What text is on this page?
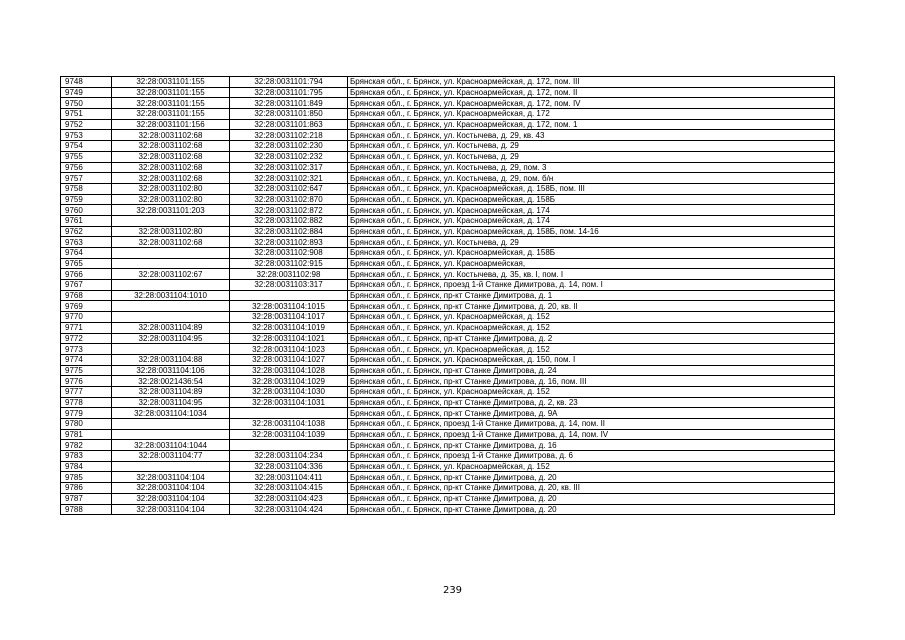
9748	32:28:0031101:155	32:28:0031101:794	Брянская обл., г. Брянск, ул. Красноармейская, д. 172, пом. III
9749	32:28:0031101:155	32:28:0031101:795	Брянская обл., г. Брянск, ул. Красноармейская, д. 172, пом. II
9750	32:28:0031101:155	32:28:0031101:849	Брянская обл., г. Брянск, ул. Красноармейская, д. 172, пом. IV
9751	32:28:0031101:155	32:28:0031101:850	Брянская обл., г. Брянск, ул. Красноармейская, д. 172
9752	32:28:0031101:156	32:28:0031101:863	Брянская обл., г. Брянск, ул. Красноармейская, д. 172, пом. 1
9753	32:28:0031102:68	32:28:0031102:218	Брянская обл., г. Брянск, ул. Костычева, д. 29, кв. 43
9754	32:28:0031102:68	32:28:0031102:230	Брянская обл., г. Брянск, ул. Костычева, д. 29
9755	32:28:0031102:68	32:28:0031102:232	Брянская обл., г. Брянск, ул. Костычева, д. 29
9756	32:28:0031102:68	32:28:0031102:317	Брянская обл., г. Брянск, ул. Костычева, д. 29, пом. 3
9757	32:28:0031102:68	32:28:0031102:321	Брянская обл., г. Брянск, ул. Костычева, д. 29, пом. б/н
9758	32:28:0031102:80	32:28:0031102:647	Брянская обл., г. Брянск, ул. Красноармейская, д. 158Б, пом. III
9759	32:28:0031102:80	32:28:0031102:870	Брянская обл., г. Брянск, ул. Красноармейская, д. 158Б
9760	32:28:0031101:203	32:28:0031102:872	Брянская обл., г. Брянск, ул. Красноармейская, д. 174
9761		32:28:0031102:882	Брянская обл., г. Брянск, ул. Красноармейская, д. 174
9762	32:28:0031102:80	32:28:0031102:884	Брянская обл., г. Брянск, ул. Красноармейская, д. 158Б, пом. 14-16
9763	32:28:0031102:68	32:28:0031102:893	Брянская обл., г. Брянск, ул. Костычева, д. 29
9764		32:28:0031102:908	Брянская обл., г. Брянск, ул. Красноармейская, д. 158Б
9765		32:28:0031102:915	Брянская обл., г. Брянск, ул. Красноармейская,
9766	32:28:0031102:67	32:28:0031102:98	Брянская обл., г. Брянск, ул. Костычева, д. 35, кв. I, пом. I
9767		32:28:0031103:317	Брянская обл., г. Брянск, проезд 1-й Станке Димитрова, д. 14, пом. I
9768	32:28:0031104:1010		Брянская обл., г. Брянск, пр-кт Станке Димитрова, д. 1
9769		32:28:0031104:1015	Брянская обл., г. Брянск, пр-кт Станке Димитрова, д. 20, кв. II
9770		32:28:0031104:1017	Брянская обл., г. Брянск, ул. Красноармейская, д. 152
9771	32:28:0031104:89	32:28:0031104:1019	Брянская обл., г. Брянск, ул. Красноармейская, д. 152
9772	32:28:0031104:95	32:28:0031104:1021	Брянская обл., г. Брянск, пр-кт Станке Димитрова, д. 2
9773		32:28:0031104:1023	Брянская обл., г. Брянск, ул. Красноармейская, д. 152
9774	32:28:0031104:88	32:28:0031104:1027	Брянская обл., г. Брянск, ул. Красноармейская, д. 150, пом. I
9775	32:28:0031104:106	32:28:0031104:1028	Брянская обл., г. Брянск, пр-кт Станке Димитрова, д. 24
9776	32:28:0021436:54	32:28:0031104:1029	Брянская обл., г. Брянск, пр-кт Станке Димитрова, д. 16, пом. III
9777	32:28:0031104:89	32:28:0031104:1030	Брянская обл., г. Брянск, ул. Красноармейская, д. 152
9778	32:28:0031104:95	32:28:0031104:1031	Брянская обл., г. Брянск, пр-кт Станке Димитрова, д. 2, кв. 23
9779	32:28:0031104:1034		Брянская обл., г. Брянск, пр-кт Станке Димитрова, д. 9А
9780		32:28:0031104:1038	Брянская обл., г. Брянск, проезд 1-й Станке Димитрова, д. 14, пом. II
9781		32:28:0031104:1039	Брянская обл., г. Брянск, проезд 1-й Станке Димитрова, д. 14, пом. IV
9782	32:28:0031104:1044		Брянская обл., г. Брянск, пр-кт Станке Димитрова, д. 16
9783	32:28:0031104:77	32:28:0031104:234	Брянская обл., г. Брянск, проезд 1-й Станке Димитрова, д. 6
9784		32:28:0031104:336	Брянская обл., г. Брянск, ул. Красноармейская, д. 152
9785	32:28:0031104:104	32:28:0031104:411	Брянская обл., г. Брянск, пр-кт Станке Димитрова, д. 20
9786	32:28:0031104:104	32:28:0031104:415	Брянская обл., г. Брянск, пр-кт Станке Димитрова, д. 20, кв. III
9787	32:28:0031104:104	32:28:0031104:423	Брянская обл., г. Брянск, пр-кт Станке Димитрова, д. 20
9788	32:28:0031104:104	32:28:0031104:424	Брянская обл., г. Брянск, пр-кт Станке Димитрова, д. 20
239
